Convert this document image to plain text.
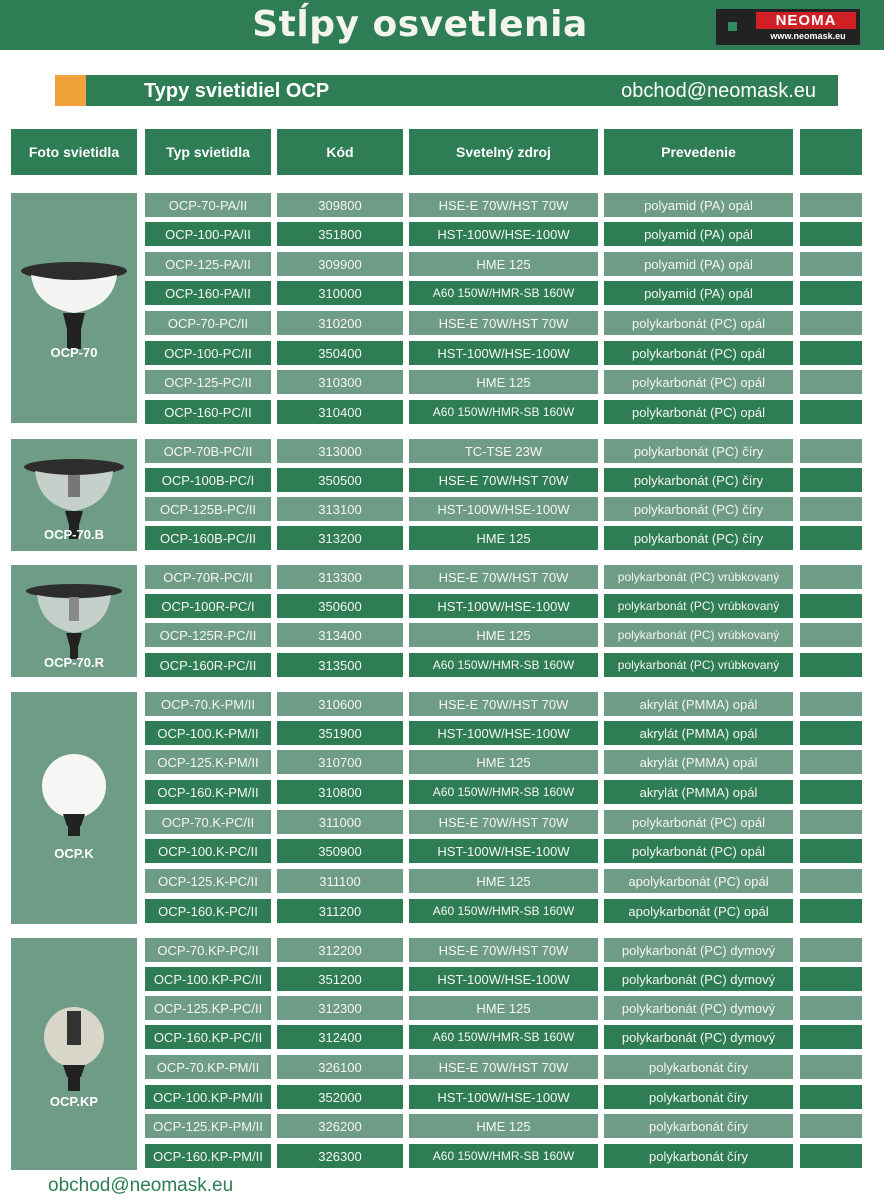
Stĺpy osvetlenia	NEOMA
www.neomask.eu
Typy svietidiel OCP	obchod@neomask.eu
Foto svietidla	Typ svietidla	Kód	Svetelný zdroj	Prevedenie
OCP-70
OCP-70-PA/II	309800	HSE-E 70W/HST 70W	polyamid (PA) opál
OCP-100-PA/II	351800	HST-100W/HSE-100W	polyamid (PA) opál
OCP-125-PA/II	309900	HME 125	polyamid (PA) opál
OCP-160-PA/II	310000	A60 150W/HMR-SB 160W	polyamid (PA) opál
OCP-70-PC/II	310200	HSE-E 70W/HST 70W	polykarbonát (PC) opál
OCP-100-PC/II	350400	HST-100W/HSE-100W	polykarbonát (PC) opál
OCP-125-PC/II	310300	HME 125	polykarbonát (PC) opál
OCP-160-PC/II	310400	A60 150W/HMR-SB 160W	polykarbonát (PC) opál
OCP-70.B
OCP-70B-PC/II	313000	TC-TSE 23W	polykarbonát (PC) číry
OCP-100B-PC/I	350500	HSE-E 70W/HST 70W	polykarbonát (PC) číry
OCP-125B-PC/II	313100	HST-100W/HSE-100W	polykarbonát (PC) číry
OCP-160B-PC/II	313200	HME 125	polykarbonát (PC) číry
OCP-70.R
OCP-70R-PC/II	313300	HSE-E 70W/HST 70W	polykarbonát (PC) vrúbkovaný
OCP-100R-PC/I	350600	HST-100W/HSE-100W	polykarbonát (PC) vrúbkovaný
OCP-125R-PC/II	313400	HME 125	polykarbonát (PC) vrúbkovaný
OCP-160R-PC/II	313500	A60 150W/HMR-SB 160W	polykarbonát (PC) vrúbkovaný
OCP.K
OCP-70.K-PM/II	310600	HSE-E 70W/HST 70W	akrylát (PMMA) opál
OCP-100.K-PM/II	351900	HST-100W/HSE-100W	akrylát (PMMA) opál
OCP-125.K-PM/II	310700	HME 125	akrylát (PMMA) opál
OCP-160.K-PM/II	310800	A60 150W/HMR-SB 160W	akrylát (PMMA) opál
OCP-70.K-PC/II	311000	HSE-E 70W/HST 70W	polykarbonát (PC) opál
OCP-100.K-PC/II	350900	HST-100W/HSE-100W	polykarbonát (PC) opál
OCP-125.K-PC/II	311100	HME 125	apolykarbonát (PC) opál
OCP-160.K-PC/II	311200	A60 150W/HMR-SB 160W	apolykarbonát (PC) opál
OCP.KP
OCP-70.KP-PC/II	312200	HSE-E 70W/HST 70W	polykarbonát (PC) dymový
OCP-100.KP-PC/II	351200	HST-100W/HSE-100W	polykarbonát (PC) dymový
OCP-125.KP-PC/II	312300	HME 125	polykarbonát (PC) dymový
OCP-160.KP-PC/II	312400	A60 150W/HMR-SB 160W	polykarbonát (PC) dymový
OCP-70.KP-PM/II	326100	HSE-E 70W/HST 70W	polykarbonát číry
OCP-100.KP-PM/II	352000	HST-100W/HSE-100W	polykarbonát číry
OCP-125.KP-PM/II	326200	HME 125	polykarbonát číry
OCP-160.KP-PM/II	326300	A60 150W/HMR-SB 160W	polykarbonát číry
obchod@neomask.eu
